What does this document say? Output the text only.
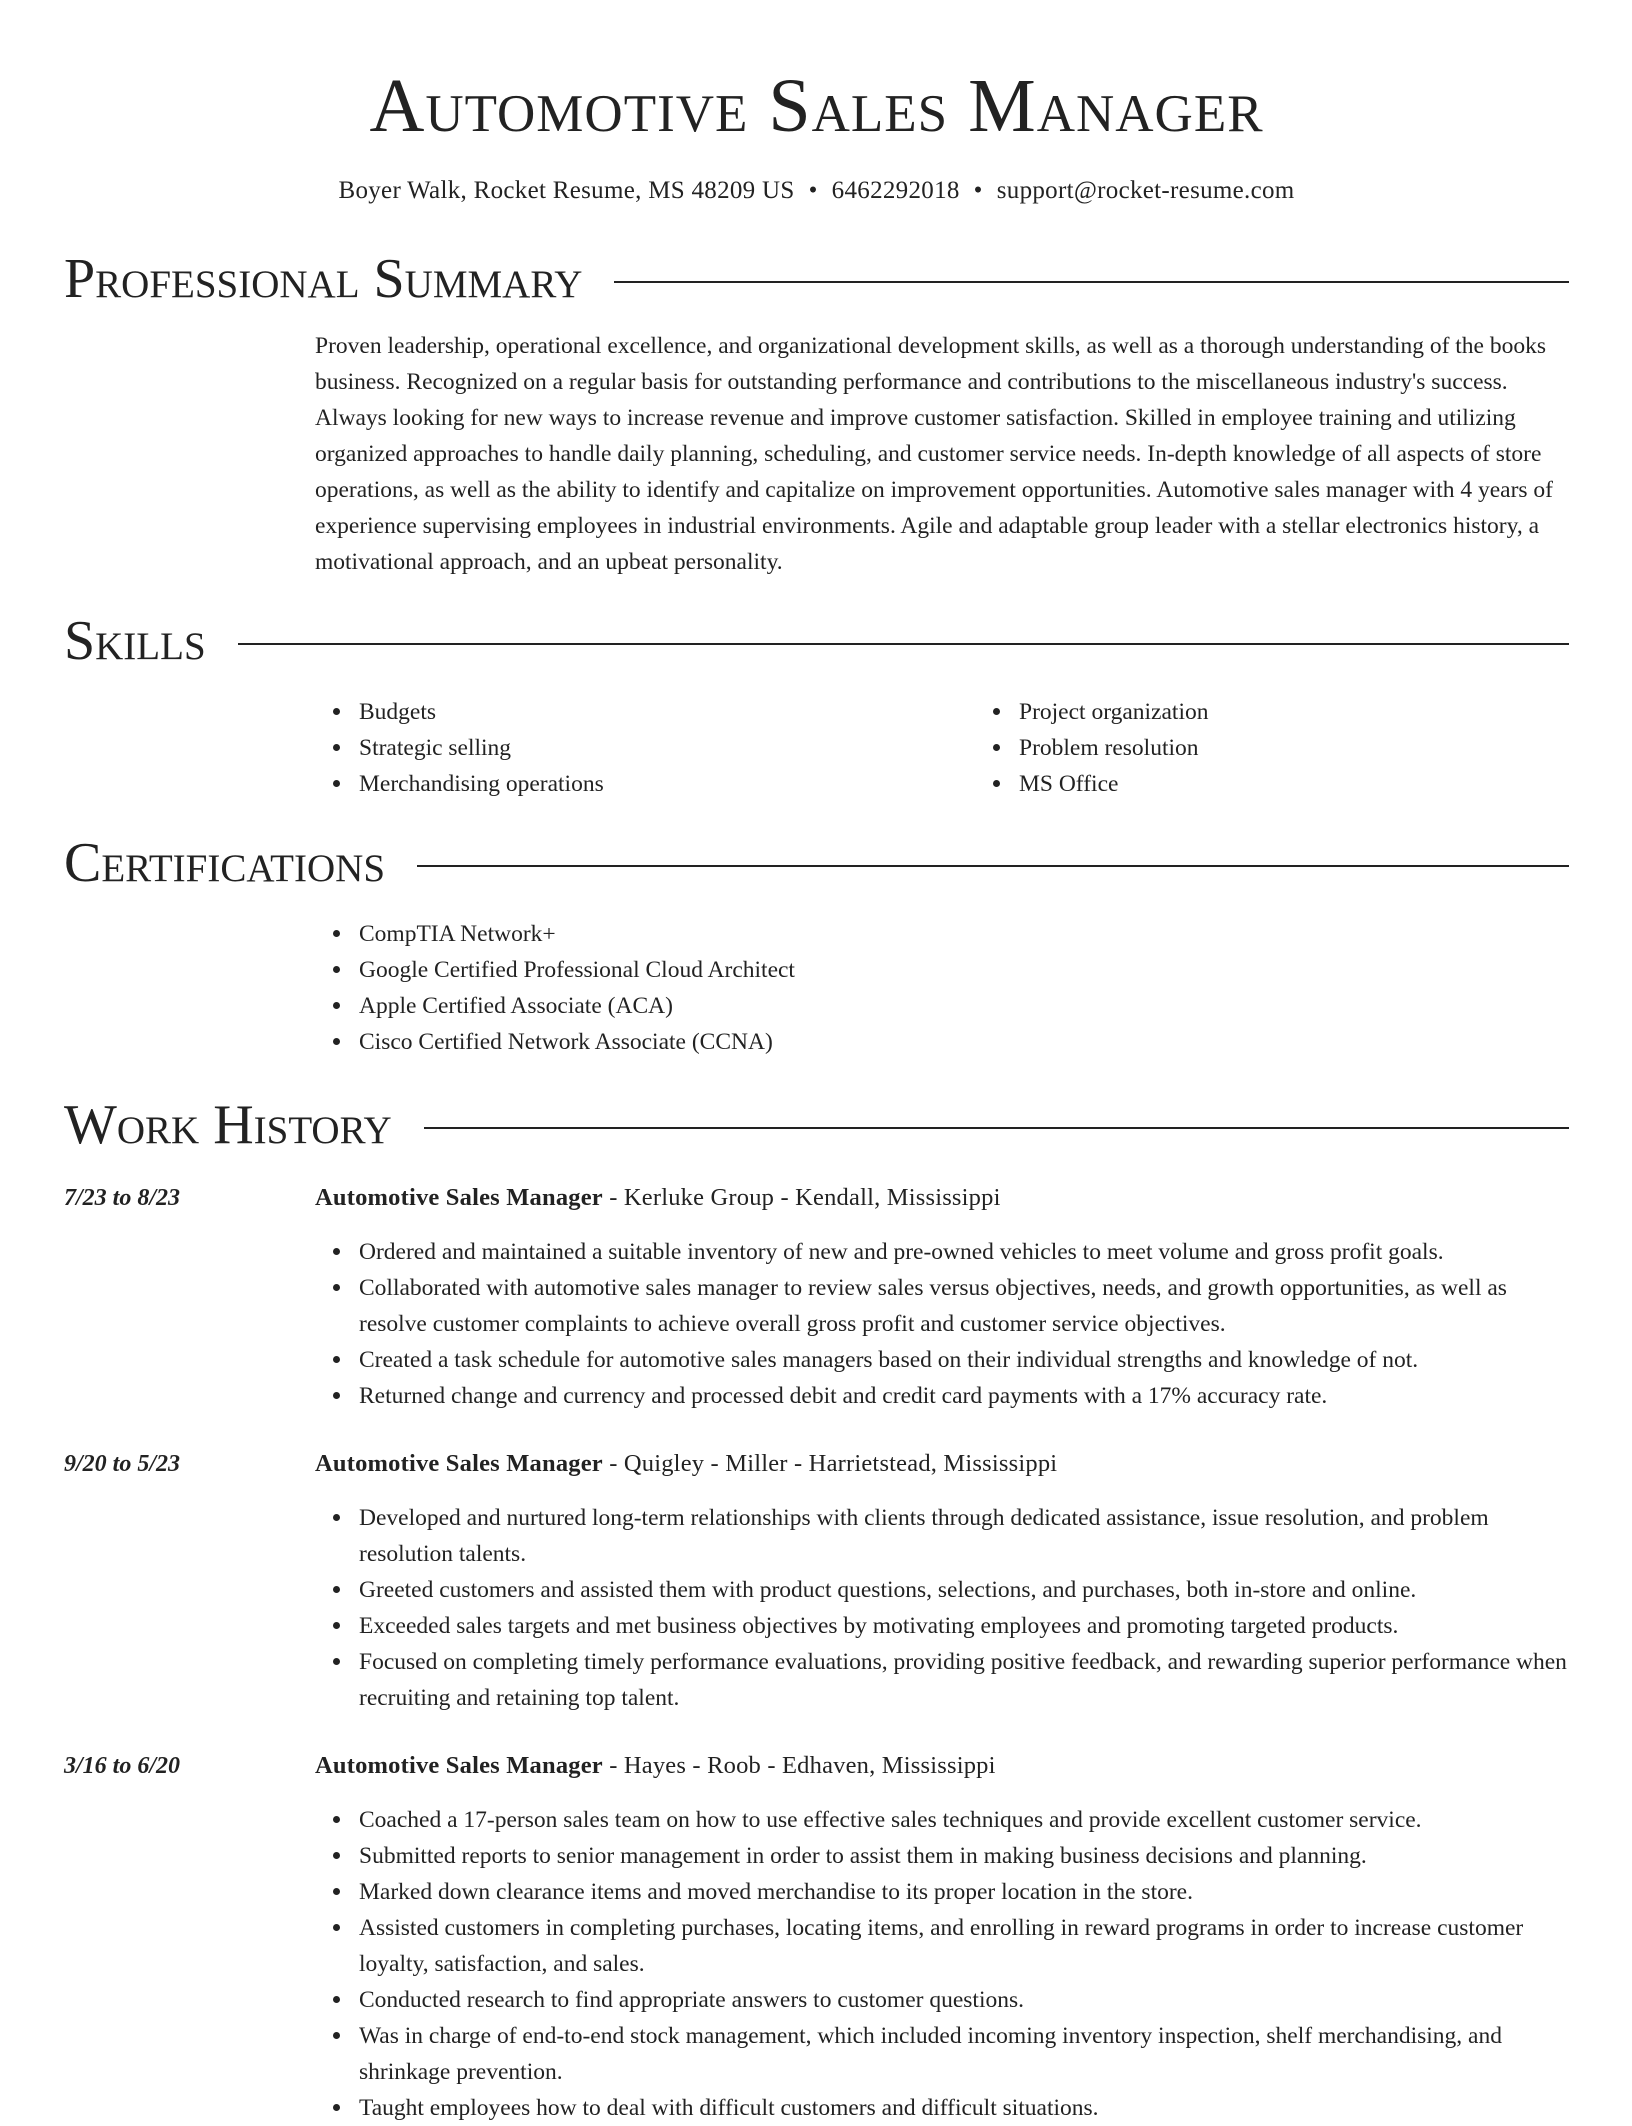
Automotive Sales Manager
Boyer Walk, Rocket Resume, MS 48209 US • 6462292018 • support@rocket-resume.com
Professional Summary
Proven leadership, operational excellence, and organizational development skills, as well as a thorough understanding of the books business. Recognized on a regular basis for outstanding performance and contributions to the miscellaneous industry's success. Always looking for new ways to increase revenue and improve customer satisfaction. Skilled in employee training and utilizing organized approaches to handle daily planning, scheduling, and customer service needs. In-depth knowledge of all aspects of store operations, as well as the ability to identify and capitalize on improvement opportunities. Automotive sales manager with 4 years of experience supervising employees in industrial environments. Agile and adaptable group leader with a stellar electronics history, a motivational approach, and an upbeat personality.
Skills
Budgets
Strategic selling
Merchandising operations
Project organization
Problem resolution
MS Office
Certifications
CompTIA Network+
Google Certified Professional Cloud Architect
Apple Certified Associate (ACA)
Cisco Certified Network Associate (CCNA)
Work History
7/23 to 8/23	Automotive Sales Manager - Kerluke Group - Kendall, Mississippi
Ordered and maintained a suitable inventory of new and pre-owned vehicles to meet volume and gross profit goals.
Collaborated with automotive sales manager to review sales versus objectives, needs, and growth opportunities, as well as resolve customer complaints to achieve overall gross profit and customer service objectives.
Created a task schedule for automotive sales managers based on their individual strengths and knowledge of not.
Returned change and currency and processed debit and credit card payments with a 17% accuracy rate.
9/20 to 5/23	Automotive Sales Manager - Quigley - Miller - Harrietstead, Mississippi
Developed and nurtured long-term relationships with clients through dedicated assistance, issue resolution, and problem resolution talents.
Greeted customers and assisted them with product questions, selections, and purchases, both in-store and online.
Exceeded sales targets and met business objectives by motivating employees and promoting targeted products.
Focused on completing timely performance evaluations, providing positive feedback, and rewarding superior performance when recruiting and retaining top talent.
3/16 to 6/20	Automotive Sales Manager - Hayes - Roob - Edhaven, Mississippi
Coached a 17-person sales team on how to use effective sales techniques and provide excellent customer service.
Submitted reports to senior management in order to assist them in making business decisions and planning.
Marked down clearance items and moved merchandise to its proper location in the store.
Assisted customers in completing purchases, locating items, and enrolling in reward programs in order to increase customer loyalty, satisfaction, and sales.
Conducted research to find appropriate answers to customer questions.
Was in charge of end-to-end stock management, which included incoming inventory inspection, shelf merchandising, and shrinkage prevention.
Taught employees how to deal with difficult customers and difficult situations.
